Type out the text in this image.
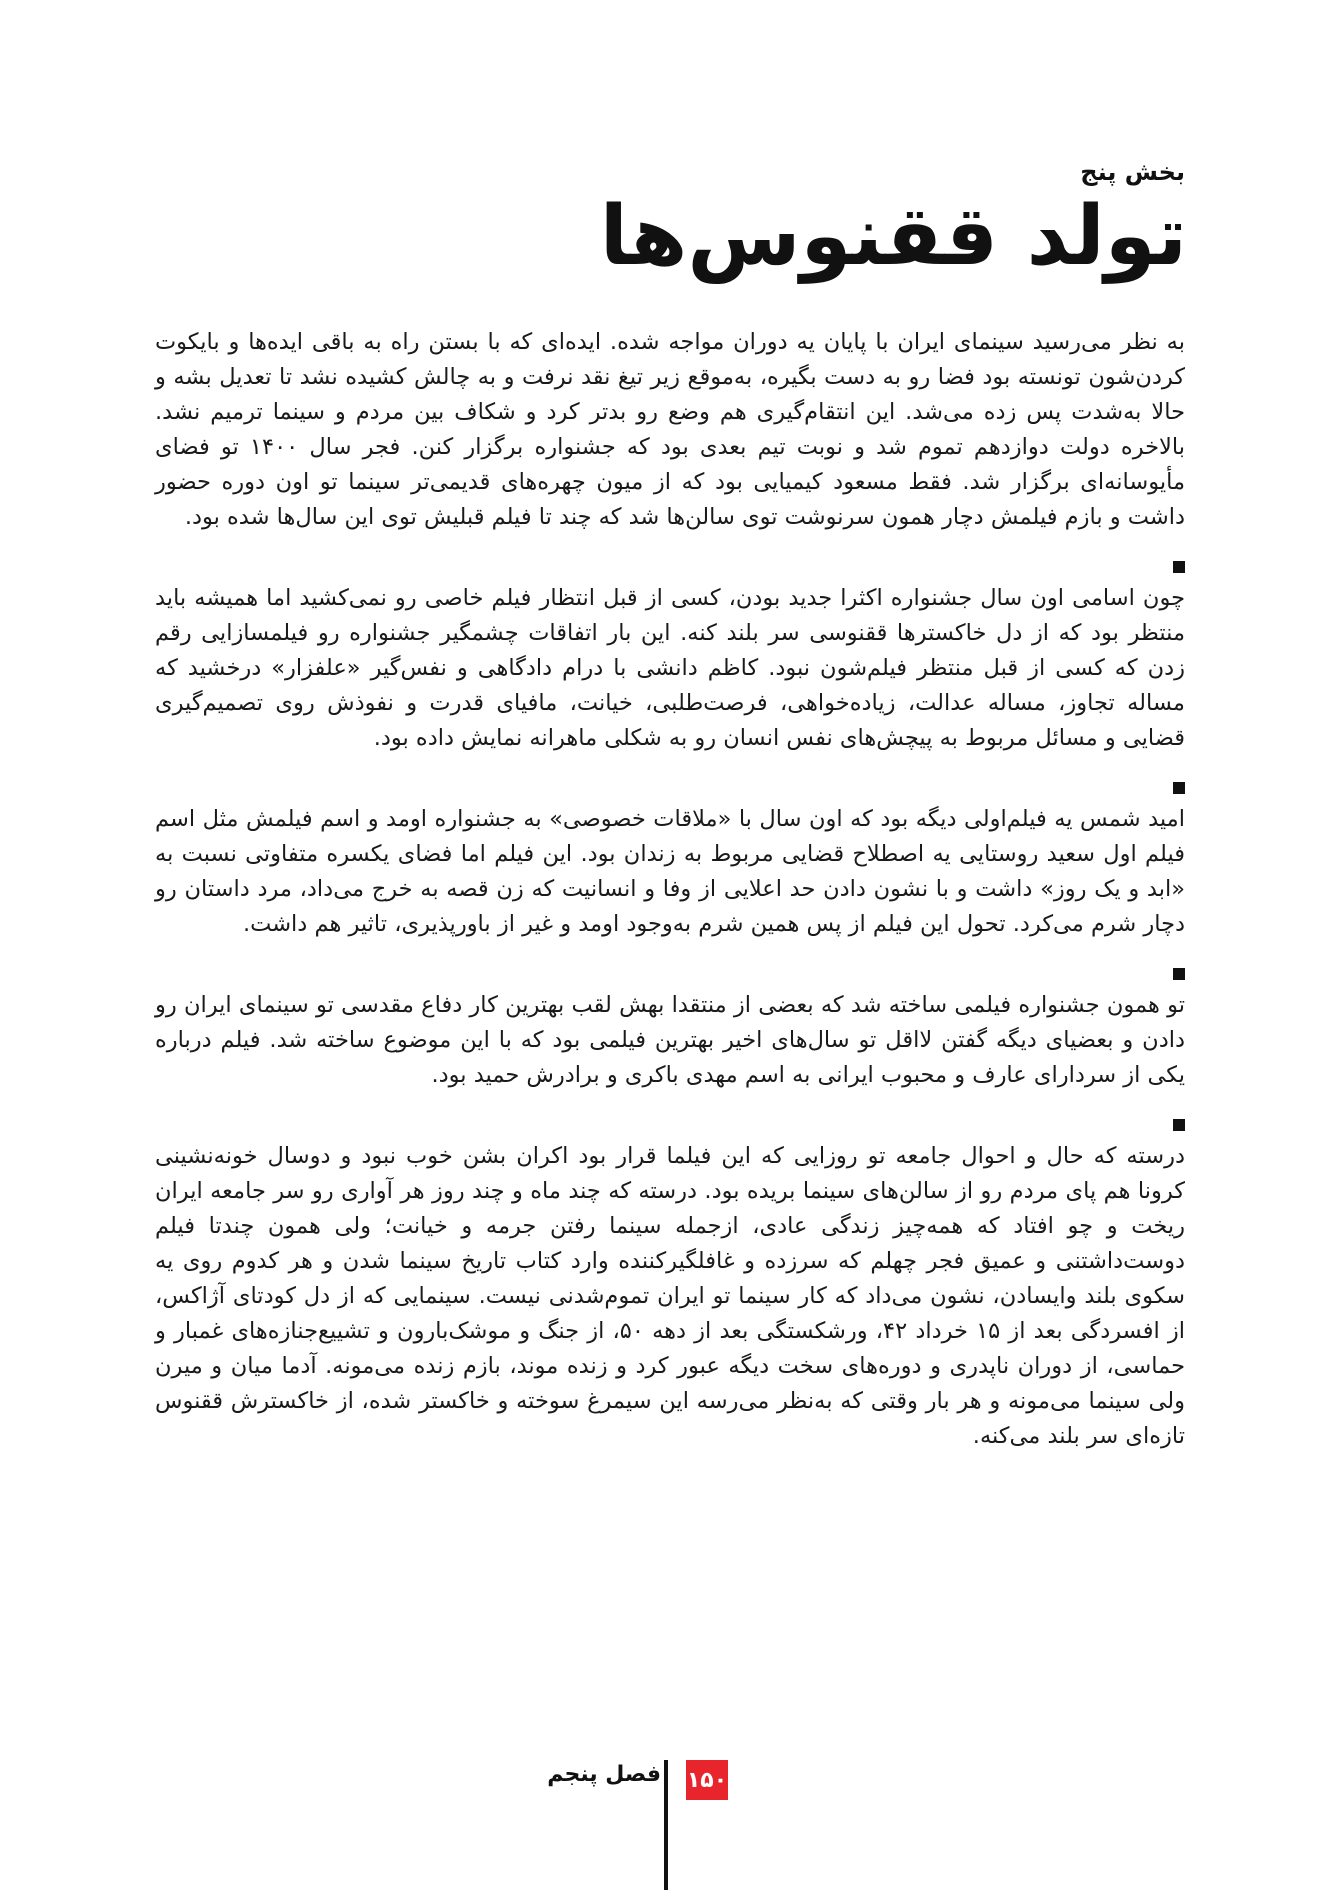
بخش پنج
تولد ققنوس‌ها

به نظر می‌رسید سینمای ایران با پایان یه دوران مواجه شده. ایده‌ای که با بستن راه به باقی ایده‌ها و بایکوت کردن‌شون تونسته بود فضا رو به دست بگیره، به‌موقع زیر تیغ نقد نرفت و به چالش کشیده نشد تا تعدیل بشه و حالا به‌شدت پس زده می‌شد. این انتقام‌گیری هم وضع رو بدتر کرد و شکاف بین مردم و سینما ترمیم نشد. بالاخره دولت دوازدهم تموم شد و نوبت تیم بعدی بود که جشنواره برگزار کنن. فجر سال ۱۴۰۰ تو فضای مأیوسانه‌ای برگزار شد. فقط مسعود کیمیایی بود که از میون چهره‌های قدیمی‌تر سینما تو اون دوره حضور داشت و بازم فیلمش دچار همون سرنوشت توی سالن‌ها شد که چند تا فیلم قبلیش توی این سال‌ها شده بود.

چون اسامی اون سال جشنواره اکثرا جدید بودن، کسی از قبل انتظار فیلم خاصی رو نمی‌کشید اما همیشه باید منتظر بود که از دل خاکسترها ققنوسی سر بلند کنه. این بار اتفاقات چشمگیر جشنواره رو فیلمسازایی رقم زدن که کسی از قبل منتظر فیلم‌شون نبود. کاظم دانشی با درام دادگاهی و نفس‌گیر «علفزار» درخشید که مساله تجاوز، مساله عدالت، زیاده‌خواهی، فرصت‌طلبی، خیانت، مافیای قدرت و نفوذش روی تصمیم‌گیری قضایی و مسائل مربوط به پیچش‌های نفس انسان رو به شکلی ماهرانه نمایش داده بود.

امید شمس یه فیلم‌اولی دیگه بود که اون سال با «ملاقات خصوصی» به جشنواره اومد و اسم فیلمش مثل اسم فیلم اول سعید روستایی یه اصطلاح قضایی مربوط به زندان بود. این فیلم اما فضای یکسره متفاوتی نسبت به «ابد و یک روز» داشت و با نشون دادن حد اعلایی از وفا و انسانیت که زن قصه به خرج می‌داد، مرد داستان رو دچار شرم می‌کرد. تحول این فیلم از پس همین شرم به‌وجود اومد و غیر از باورپذیری، تاثیر هم داشت.

تو همون جشنواره فیلمی ساخته شد که بعضی از منتقدا بهش لقب بهترین کار دفاع مقدسی تو سینمای ایران رو دادن و بعضیای دیگه گفتن لااقل تو سال‌های اخیر بهترین فیلمی بود که با این موضوع ساخته شد. فیلم درباره یکی از سردارای عارف و محبوب ایرانی به اسم مهدی باکری و برادرش حمید بود.

درسته که حال و احوال جامعه تو روزایی که این فیلما قرار بود اکران بشن خوب نبود و دوسال خونه‌نشینی کرونا هم پای مردم رو از سالن‌های سینما بریده بود. درسته که چند ماه و چند روز هر آواری رو سر جامعه ایران ریخت و چو افتاد که همه‌چیز زندگی عادی، ازجمله سینما رفتن جرمه و خیانت؛ ولی همون چندتا فیلم دوست‌داشتنی و عمیق فجر چهلم که سرزده و غافلگیرکننده وارد کتاب تاریخ سینما شدن و هر کدوم روی یه سکوی بلند وایسادن، نشون می‌داد که کار سینما تو ایران تموم‌شدنی نیست. سینمایی که از دل کودتای آژاکس، از افسردگی بعد از ۱۵ خرداد ۴۲، ورشکستگی بعد از دهه ۵۰، از جنگ و موشک‌بارون و تشییع‌جنازه‌های غمبار و حماسی، از دوران ناپدری و دوره‌های سخت دیگه عبور کرد و زنده موند، بازم زنده می‌مونه. آدما میان و میرن ولی سینما می‌مونه و هر بار وقتی که به‌نظر می‌رسه این سیمرغ سوخته و خاکستر شده، از خاکسترش ققنوس تازه‌ای سر بلند می‌کنه.

فصل پنجم ۱۵۰
